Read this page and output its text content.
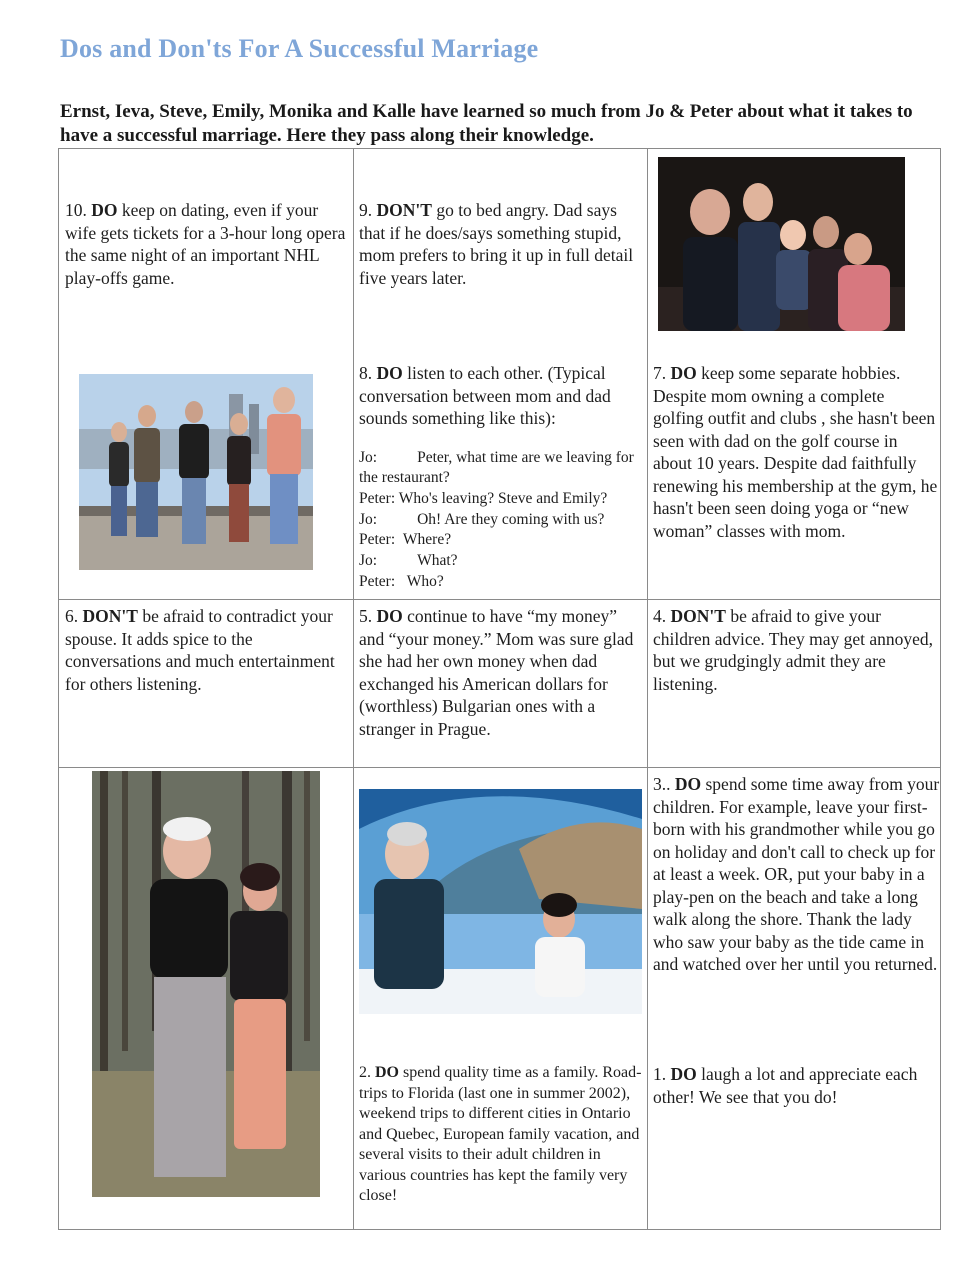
Dos and Don'ts For A Successful Marriage

Ernst, Ieva, Steve, Emily, Monika and Kalle have learned so much from Jo & Peter about what it takes to have a successful marriage. Here they pass along their knowledge.

10. DO keep on dating, even if your wife gets tickets for a 3-hour long opera the same night of an important NHL play-offs game.
9. DON'T go to bed angry. Dad says that if he does/says something stupid, mom prefers to bring it up in full detail five years later.
8. DO listen to each other. (Typical conversation between mom and dad sounds something like this):
Jo:	Peter, what time are we leaving for the restaurant?
Peter: Who's leaving? Steve and Emily?
Jo:	Oh! Are they coming with us?
Peter: Where?
Jo:	What?
Peter: Who?
7. DO keep some separate hobbies. Despite mom owning a complete golfing outfit and clubs , she hasn't been seen with dad on the golf course in about 10 years. Despite dad faithfully renewing his membership at the gym, he hasn't been seen doing yoga or “new woman” classes with mom.
6. DON'T be afraid to contradict your spouse. It adds spice to the conversations and much entertainment for others listening.
5. DO continue to have “my money” and “your money.” Mom was sure glad she had her own money when dad exchanged his American dollars for (worthless) Bulgarian ones with a stranger in Prague.
4. DON'T be afraid to give your children advice. They may get annoyed, but we grudgingly admit they are listening.
3.. DO spend some time away from your children. For example, leave your first-born with his grandmother while you go on holiday and don't call to check up for at least a week. OR, put your baby in a play-pen on the beach and take a long walk along the shore. Thank the lady who saw your baby as the tide came in and watched over her until you returned.
2. DO spend quality time as a family. Road-trips to Florida (last one in summer 2002), weekend trips to different cities in Ontario and Quebec, European family vacation, and several visits to their adult children in various countries has kept the family very close!
1. DO laugh a lot and appreciate each other! We see that you do!
